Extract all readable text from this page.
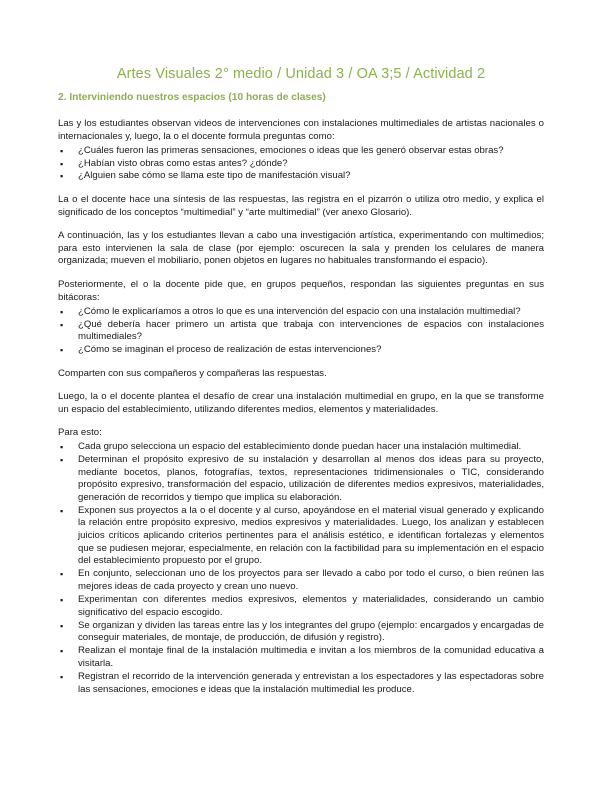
Artes Visuales 2° medio / Unidad 3 / OA 3;5 / Actividad 2
2. Interviniendo nuestros espacios (10 horas de clases)

Las y los estudiantes observan videos de intervenciones con instalaciones multimediales de artistas nacionales o internacionales y, luego, la o el docente formula preguntas como:

▪ ¿Cuáles fueron las primeras sensaciones, emociones o ideas que les generó observar estas obras?
▪ ¿Habían visto obras como estas antes? ¿dónde?
▪ ¿Alguien sabe cómo se llama este tipo de manifestación visual?

La o el docente hace una síntesis de las respuestas, las registra en el pizarrón o utiliza otro medio, y explica el significado de los conceptos “multimedial” y “arte multimedial” (ver anexo Glosario).

A continuación, las y los estudiantes llevan a cabo una investigación artística, experimentando con multimedios; para esto intervienen la sala de clase (por ejemplo: oscurecen la sala y prenden los celulares de manera organizada; mueven el mobiliario, ponen objetos en lugares no habituales transformando el espacio).

Posteriormente, el o la docente pide que, en grupos pequeños, respondan las siguientes preguntas en sus bitácoras:

▪ ¿Cómo le explicaríamos a otros lo que es una intervención del espacio con una instalación multimedial?
▪ ¿Qué debería hacer primero un artista que trabaja con intervenciones de espacios con instalaciones multimediales?
▪ ¿Cómo se imaginan el proceso de realización de estas intervenciones?

Comparten con sus compañeros y compañeras las respuestas.

Luego, la o el docente plantea el desafío de crear una instalación multimedial en grupo, en la que se transforme un espacio del establecimiento, utilizando diferentes medios, elementos y materialidades.

Para esto:

▪ Cada grupo selecciona un espacio del establecimiento donde puedan hacer una instalación multimedial.
▪ Determinan el propósito expresivo de su instalación y desarrollan al menos dos ideas para su proyecto, mediante bocetos, planos, fotografías, textos, representaciones tridimensionales o TIC, considerando propósito expresivo, transformación del espacio, utilización de diferentes medios expresivos, materialidades, generación de recorridos y tiempo que implica su elaboración.
▪ Exponen sus proyectos a la o el docente y al curso, apoyándose en el material visual generado y explicando la relación entre propósito expresivo, medios expresivos y materialidades. Luego, los analizan y establecen juicios críticos aplicando criterios pertinentes para el análisis estético, e identifican fortalezas y elementos que se pudiesen mejorar, especialmente, en relación con la factibilidad para su implementación en el espacio del establecimiento propuesto por el grupo.
▪ En conjunto, seleccionan uno de los proyectos para ser llevado a cabo por todo el curso, o bien reúnen las mejores ideas de cada proyecto y crean uno nuevo.
▪ Experimentan con diferentes medios expresivos, elementos y materialidades, considerando un cambio significativo del espacio escogido.
▪ Se organizan y dividen las tareas entre las y los integrantes del grupo (ejemplo: encargados y encargadas de conseguir materiales, de montaje, de producción, de difusión y registro).
▪ Realizan el montaje final de la instalación multimedia e invitan a los miembros de la comunidad educativa a visitarla.
▪ Registran el recorrido de la intervención generada y entrevistan a los espectadores y las espectadoras sobre las sensaciones, emociones e ideas que la instalación multimedial les produce.
